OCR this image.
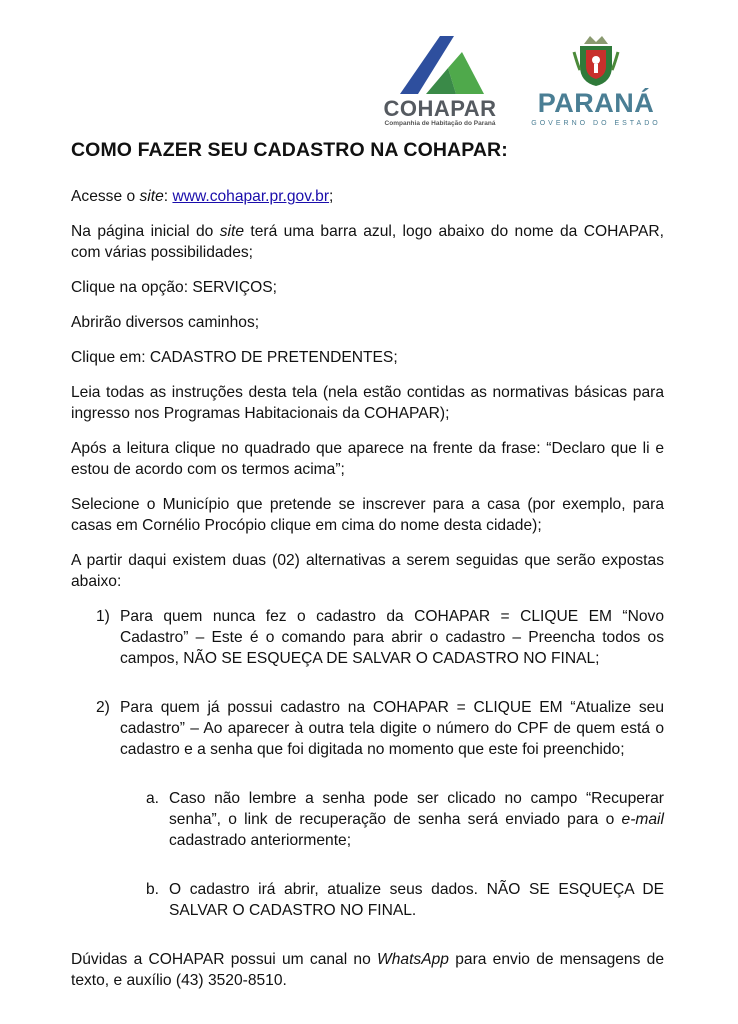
COHAPAR
Companhia de Habitação do Paraná
PARANÁ
GOVERNO DO ESTADO
COMO FAZER SEU CADASTRO NA COHAPAR:

Acesse o site: www.cohapar.pr.gov.br;

Na página inicial do site terá uma barra azul, logo abaixo do nome da COHAPAR, com várias possibilidades;

Clique na opção: SERVIÇOS;

Abrirão diversos caminhos;

Clique em: CADASTRO DE PRETENDENTES;

Leia todas as instruções desta tela (nela estão contidas as normativas básicas para ingresso nos Programas Habitacionais da COHAPAR);

Após a leitura clique no quadrado que aparece na frente da frase: “Declaro que li e estou de acordo com os termos acima”;

Selecione o Município que pretende se inscrever para a casa (por exemplo, para casas em Cornélio Procópio clique em cima do nome desta cidade);

A partir daqui existem duas (02) alternativas a serem seguidas que serão expostas abaixo:

1) Para quem nunca fez o cadastro da COHAPAR = CLIQUE EM “Novo Cadastro” – Este é o comando para abrir o cadastro – Preencha todos os campos, NÃO SE ESQUEÇA DE SALVAR O CADASTRO NO FINAL;
2) Para quem já possui cadastro na COHAPAR = CLIQUE EM “Atualize seu cadastro” – Ao aparecer à outra tela digite o número do CPF de quem está o cadastro e a senha que foi digitada no momento que este foi preenchido;
a. Caso não lembre a senha pode ser clicado no campo “Recuperar senha”, o link de recuperação de senha será enviado para o e-mail cadastrado anteriormente;
b. O cadastro irá abrir, atualize seus dados. NÃO SE ESQUEÇA DE SALVAR O CADASTRO NO FINAL.

Dúvidas a COHAPAR possui um canal no WhatsApp para envio de mensagens de texto, e auxílio (43) 3520-8510.
